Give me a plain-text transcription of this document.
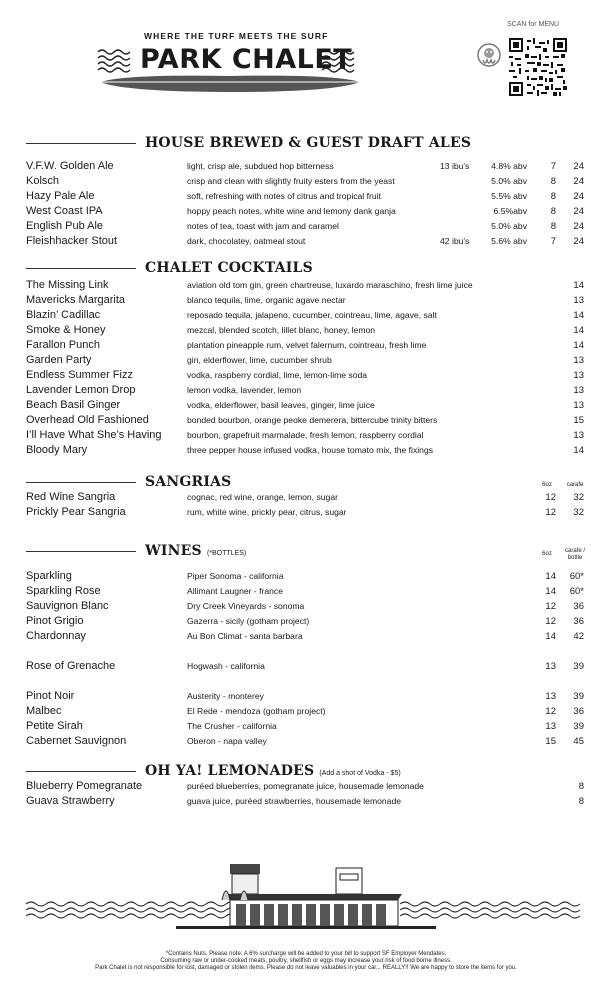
WHERE THE TURF MEETS THE SURF
PARK CHALET
SCAN for MENU
HOUSE BREWED & GUEST DRAFT ALES
V.F.W. Golden Ale	light, crisp ale, subdued hop bitterness	13 ibu's	4.8% abv	7	24
Kolsch	crisp and clean with slightly fruity esters from the yeast	5.0% abv	8	24
Hazy Pale Ale	soft, refreshing with notes of citrus and tropical fruit	5.5% abv	8	24
West Coast IPA	hoppy peach notes, white wine and lemony dank ganja	6.5%abv	8	24
English Pub Ale	notes of tea, toast with jam and caramel	5.0% abv	8	24
Fleishhacker Stout	dark, chocolatey, oatmeal stout	42 ibu's	5.6% abv	7	24
CHALET COCKTAILS
The Missing Link	aviation old tom gin, green chartreuse, luxardo maraschino, fresh lime juice	14
Mavericks Margarita	blanco tequila, lime, organic agave nectar	13
Blazin’ Cadillac	reposado tequila, jalapeno, cucumber, cointreau, lime, agave, salt	14
Smoke & Honey	mezcal, blended scotch, lillet blanc, honey, lemon	14
Farallon Punch	plantation pineapple rum, velvet falernum, cointreau, fresh lime	14
Garden Party	gin, elderflower, lime, cucumber shrub	13
Endless Summer Fizz	vodka, raspberry cordial, lime, lemon-lime soda	13
Lavender Lemon Drop	lemon vodka, lavender, lemon	13
Beach Basil Ginger	vodka, elderflower, basil leaves, ginger, lime juice	13
Overhead Old Fashioned	bonded bourbon, orange peoke demerera, bittercube trinity bitters	15
I’ll Have What She’s Having	bourbon, grapefruit marmalade, fresh lemon, raspberry cordial	13
Bloody Mary	three pepper house infused vodka, house tomato mix, the fixings	14
SANGRIAS	6oz	carafe
Red Wine Sangria	cognac, red wine, orange, lemon, sugar	12	32
Prickly Pear Sangria	rum, white wine, prickly pear, citrus, sugar	12	32
WINES (*BOTTLES)	6oz	carafe /
bottle
Sparkling	Piper Sonoma - california	14	60*
Sparkling Rose	Allimant Laugner - france	14	60*
Sauvignon Blanc	Dry Creek Vineyards - sonoma	12	36
Pinot Grigio	Gazerra - sicily (gotham project)	12	36
Chardonnay	Au Bon Climat - santa barbara	14	42
Rose of Grenache	Hogwash - california	13	39
Pinot Noir	Austerity - monterey	13	39
Malbec	El Rede - mendoza (gotham project)	12	36
Petite Sirah	The Crusher - california	13	39
Cabernet Sauvignon	Oberon - napa valley	15	45
OH YA! LEMONADES (Add a shot of Vodka - $5)
Blueberry Pomegranate	puréed blueberries, pomegranate juice, housemade lemonade	8
Guava Strawberry	guava juice, puréed strawberries, housemade lemonade	8
*Contains Nuts. Please note: A 6% surcharge will be added to your bill to support SF Employer Mendates.
Consuming raw or under-cooked meats, poultry, shellfish or eggs may increase your risk of food borne illness.
Park Chalet is not responsible for lost, damaged or stolen items. Please do not leave valuables in your car... REALLY!! We are happy to store the items for you.
